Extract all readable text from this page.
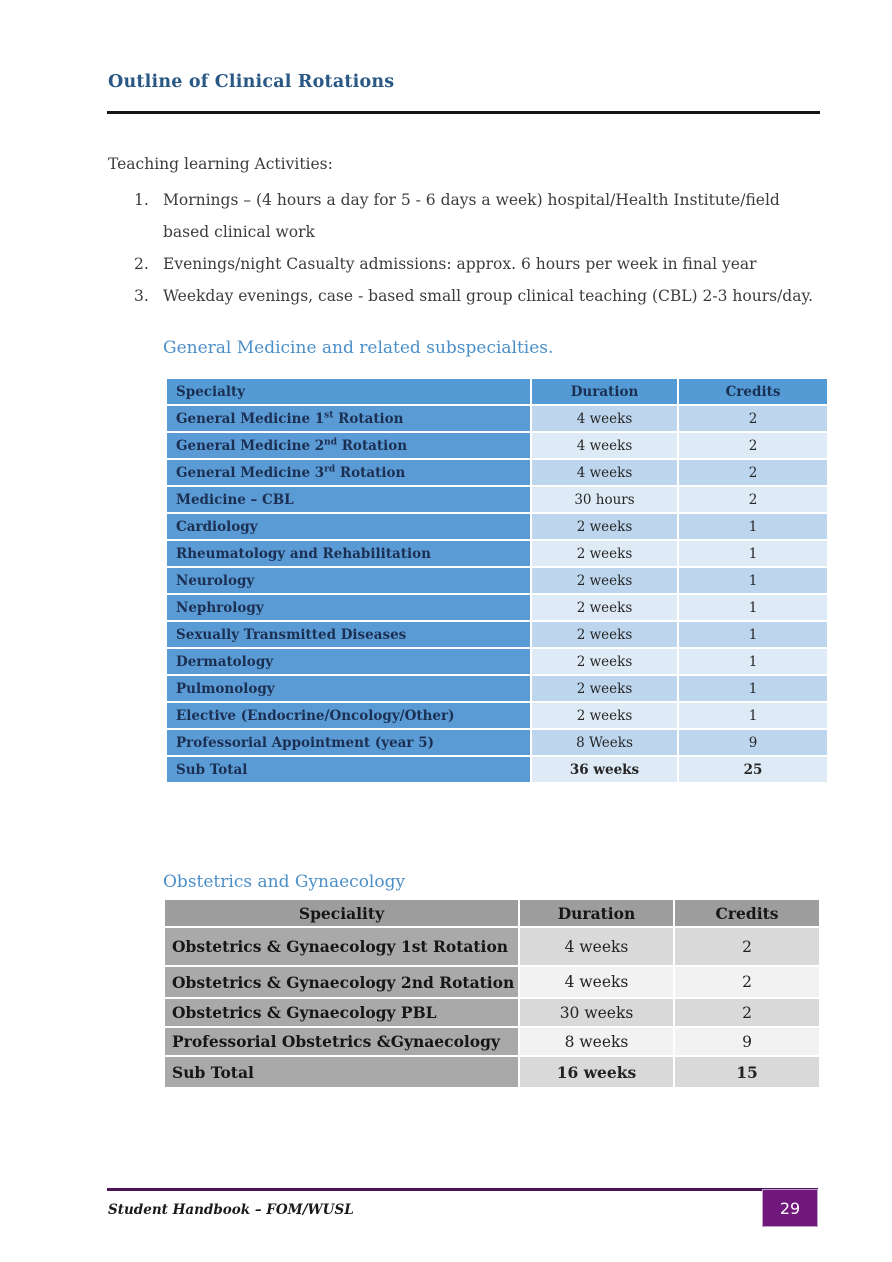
Outline of Clinical Rotations
Teaching learning Activities:
Mornings – (4 hours a day for 5 - 6 days a week) hospital/Health Institute/field based clinical work
Evenings/night Casualty admissions: approx. 6 hours per week in final year
Weekday evenings, case - based small group clinical teaching (CBL) 2-3 hours/day.
General Medicine and related subspecialties.
Specialty	Duration	Credits
General Medicine 1st Rotation	4 weeks	2
General Medicine 2nd Rotation	4 weeks	2
General Medicine 3rd Rotation	4 weeks	2
Medicine – CBL	30 hours	2
Cardiology	2 weeks	1
Rheumatology and Rehabilitation	2 weeks	1
Neurology	2 weeks	1
Nephrology	2 weeks	1
Sexually Transmitted Diseases	2 weeks	1
Dermatology	2 weeks	1
Pulmonology	2 weeks	1
Elective (Endocrine/Oncology/Other)	2 weeks	1
Professorial Appointment (year 5)	8 Weeks	9
Sub Total	36 weeks	25
Obstetrics and Gynaecology
Speciality	Duration	Credits
Obstetrics & Gynaecology 1st Rotation	4 weeks	2
Obstetrics & Gynaecology 2nd Rotation	4 weeks	2
Obstetrics & Gynaecology PBL	30 weeks	2
Professorial Obstetrics &Gynaecology	8 weeks	9
Sub Total	16 weeks	15
Student Handbook – FOM/WUSL	29
